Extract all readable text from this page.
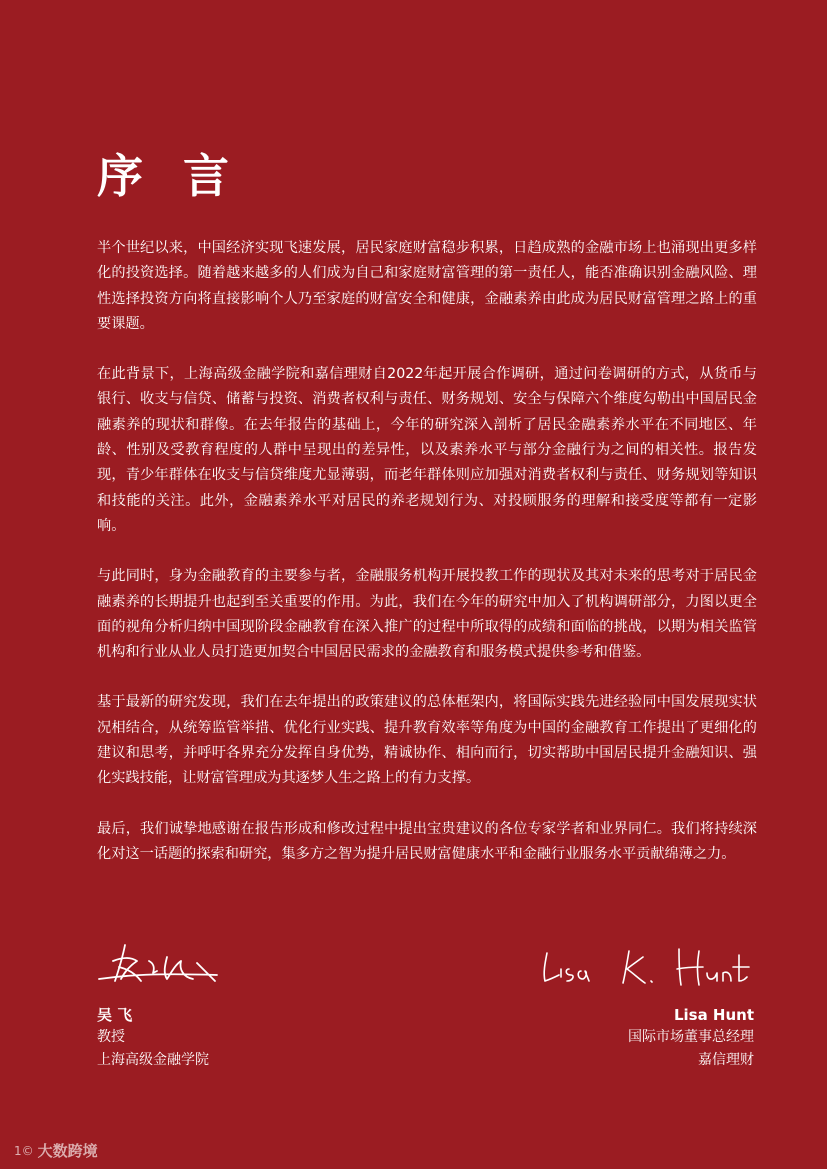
序 言

半个世纪以来，中国经济实现飞速发展，居民家庭财富稳步积累，日趋成熟的金融市场上也涌现出更多样化的投资选择。随着越来越多的人们成为自己和家庭财富管理的第一责任人，能否准确识别金融风险、理性选择投资方向将直接影响个人乃至家庭的财富安全和健康，金融素养由此成为居民财富管理之路上的重要课题。

在此背景下，上海高级金融学院和嘉信理财自2022年起开展合作调研，通过问卷调研的方式，从货币与银行、收支与信贷、储蓄与投资、消费者权利与责任、财务规划、安全与保障六个维度勾勒出中国居民金融素养的现状和群像。在去年报告的基础上，今年的研究深入剖析了居民金融素养水平在不同地区、年龄、性别及受教育程度的人群中呈现出的差异性，以及素养水平与部分金融行为之间的相关性。报告发现，青少年群体在收支与信贷维度尤显薄弱，而老年群体则应加强对消费者权利与责任、财务规划等知识和技能的关注。此外，金融素养水平对居民的养老规划行为、对投顾服务的理解和接受度等都有一定影响。

与此同时，身为金融教育的主要参与者，金融服务机构开展投教工作的现状及其对未来的思考对于居民金融素养的长期提升也起到至关重要的作用。为此，我们在今年的研究中加入了机构调研部分，力图以更全面的视角分析归纳中国现阶段金融教育在深入推广的过程中所取得的成绩和面临的挑战，以期为相关监管机构和行业从业人员打造更加契合中国居民需求的金融教育和服务模式提供参考和借鉴。

基于最新的研究发现，我们在去年提出的政策建议的总体框架内，将国际实践先进经验同中国发展现实状况相结合，从统筹监管举措、优化行业实践、提升教育效率等角度为中国的金融教育工作提出了更细化的建议和思考，并呼吁各界充分发挥自身优势，精诚协作、相向而行，切实帮助中国居民提升金融知识、强化实践技能，让财富管理成为其逐梦人生之路上的有力支撑。

最后，我们诚挚地感谢在报告形成和修改过程中提出宝贵建议的各位专家学者和业界同仁。我们将持续深化对这一话题的探索和研究，集多方之智为提升居民财富健康水平和金融行业服务水平贡献绵薄之力。

吴 飞
教授
上海高级金融学院
Lisa Hunt
国际市场董事总经理
嘉信理财
1© 大数跨境
